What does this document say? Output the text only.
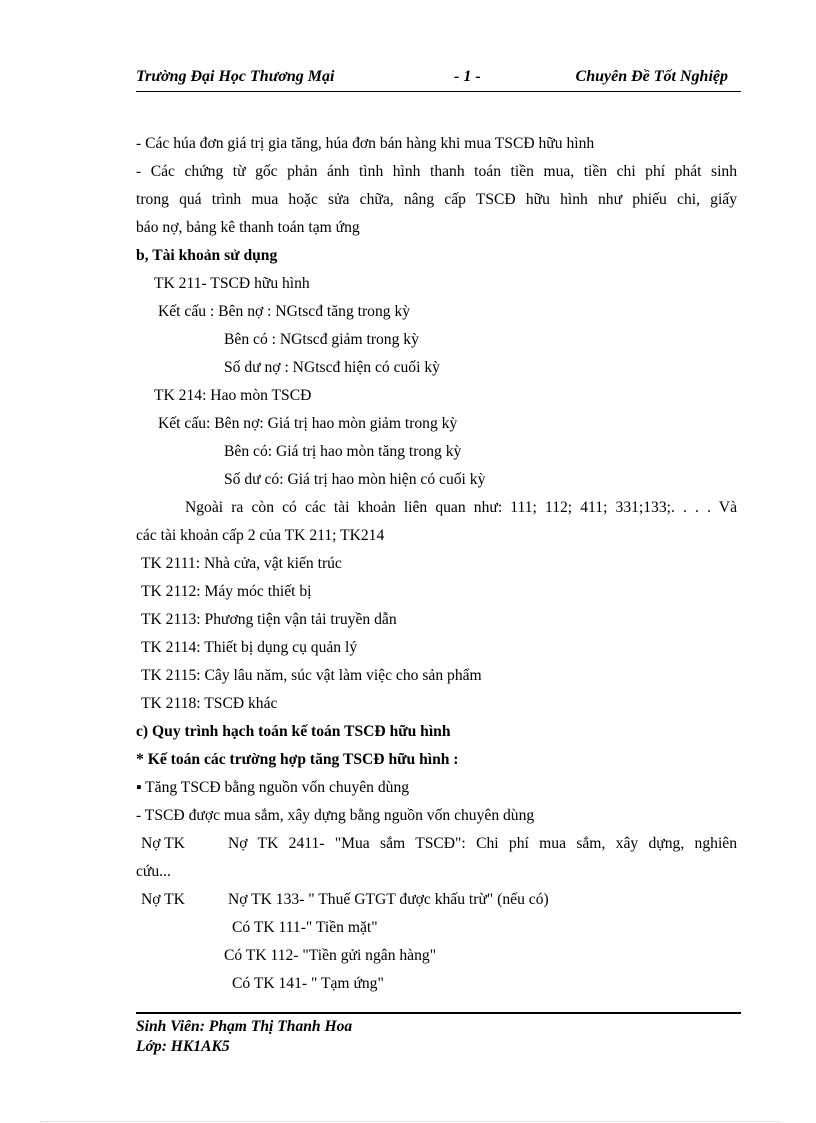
Trường Đại Học Thương Mại	- 1 -	Chuyên Đề Tốt Nghiệp
- Các húa đơn giá trị gia tăng, húa đơn bán hàng khi mua TSCĐ hữu hình
- Các chứng từ gốc phản ánh tình hình thanh toán tiền mua, tiền chi phí phát sinh
trong quá trình mua hoặc sửa chữa, nâng cấp TSCĐ hữu hình như phiếu chi, giấy
báo nợ, bảng kê thanh toán tạm ứng
b, Tài khoản sử dụng
TK 211- TSCĐ hữu hình
Kết cấu : Bên nợ : NGtscđ tăng trong kỳ
Bên có : NGtscđ giảm trong kỳ
Số dư nợ : NGtscđ hiện có cuối kỳ
TK 214: Hao mòn TSCĐ
Kết cấu: Bên nợ: Giá trị hao mòn giảm trong kỳ
Bên có: Giá trị hao mòn tăng trong kỳ
Số dư có: Giá trị hao mòn hiện có cuối kỳ
Ngoài ra còn có các tài khoản liên quan như: 111; 112; 411; 331;133;. . . . Và
các tài khoản cấp 2 của TK 211; TK214
TK 2111: Nhà cửa, vật kiến trúc
TK 2112: Máy móc thiết bị
TK 2113: Phương tiện vận tải truyền dẫn
TK 2114: Thiết bị dụng cụ quản lý
TK 2115: Cây lâu năm, súc vật làm việc cho sản phẩm
TK 2118: TSCĐ khác
c) Quy trình hạch toán kế toán TSCĐ hữu hình
* Kế toán các trường hợp tăng TSCĐ hữu hình :
▪ Tăng TSCĐ bằng nguồn vốn chuyên dùng
- TSCĐ được mua sắm, xây dựng bằng nguồn vốn chuyên dùng
Nợ TK	Nợ TK 2411- "Mua sắm TSCĐ": Chi phí mua sắm, xây dựng, nghiên
cứu...
Nợ TK	Nợ TK 133- " Thuế GTGT được khấu trừ" (nếu có)
Có TK 111-" Tiền mặt"
Có TK 112- "Tiền gửi ngân hàng"
Có TK 141- " Tạm ứng"
Sinh Viên: Phạm Thị Thanh Hoa
Lớp: HK1AK5
